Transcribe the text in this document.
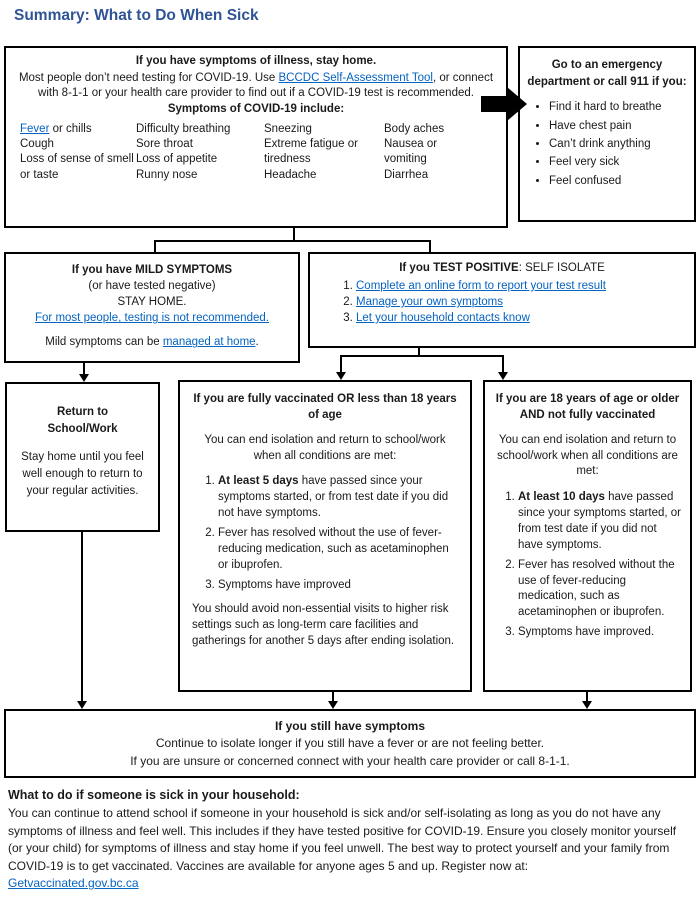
Summary: What to Do When Sick
If you have symptoms of illness, stay home.
Most people don’t need testing for COVID-19. Use BCCDC Self-Assessment Tool, or connect with 8-1-1 or your health care provider to find out if a COVID-19 test is recommended.
Symptoms of COVID-19 include:
Fever or chills
Cough
Loss of sense of smell or taste
Difficulty breathing
Sore throat
Loss of appetite
Runny nose
Sneezing
Extreme fatigue or tiredness
Headache
Body aches
Nausea or vomiting
Diarrhea
Go to an emergency department or call 911 if you:
• Find it hard to breathe
• Have chest pain
• Can’t drink anything
• Feel very sick
• Feel confused
If you have MILD SYMPTOMS
(or have tested negative)
STAY HOME.
For most people, testing is not recommended.
Mild symptoms can be managed at home.
If you TEST POSITIVE: SELF ISOLATE
1. Complete an online form to report your test result
2. Manage your own symptoms
3. Let your household contacts know
Return to
School/Work
Stay home until you feel well enough to return to your regular activities.
If you are fully vaccinated OR less than 18 years of age
You can end isolation and return to school/work when all conditions are met:
1. At least 5 days have passed since your symptoms started, or from test date if you did not have symptoms.
2. Fever has resolved without the use of fever-reducing medication, such as acetaminophen or ibuprofen.
3. Symptoms have improved
You should avoid non-essential visits to higher risk settings such as long-term care facilities and gatherings for another 5 days after ending isolation.
If you are 18 years of age or older AND not fully vaccinated
You can end isolation and return to school/work when all conditions are met:
1. At least 10 days have passed since your symptoms started, or from test date if you did not have symptoms.
2. Fever has resolved without the use of fever-reducing medication, such as acetaminophen or ibuprofen.
3. Symptoms have improved.
If you still have symptoms
Continue to isolate longer if you still have a fever or are not feeling better.
If you are unsure or concerned connect with your health care provider or call 8-1-1.
What to do if someone is sick in your household:
You can continue to attend school if someone in your household is sick and/or self-isolating as long as you do not have any symptoms of illness and feel well. This includes if they have tested positive for COVID-19. Ensure you closely monitor yourself (or your child) for symptoms of illness and stay home if you feel unwell. The best way to protect yourself and your family from COVID-19 is to get vaccinated. Vaccines are available for anyone ages 5 and up. Register now at:
Getvaccinated.gov.bc.ca
